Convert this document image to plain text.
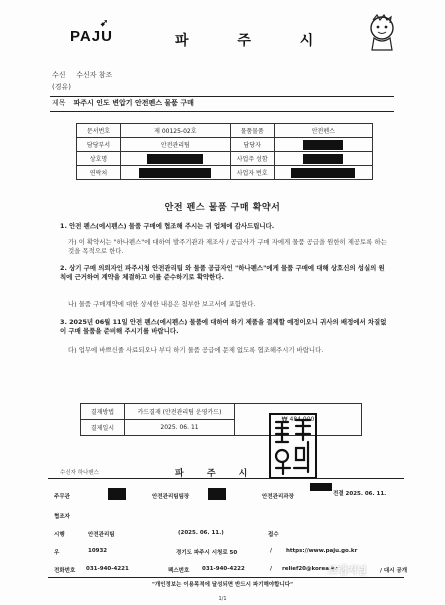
PAJU
➹
파 주 시
수신 수신자 참조
(경유)
제목 파주시 인도 변압기 안전펜스 물품 구매
문서번호	제 00125-02호	물품물품	안전펜스
담당부서	안전관리팀	담당자	
상호명		사업주 성함	
연락처		사업자 번호	
안전 펜스 물품 구매 확약서
1. 안전 펜스(에시펜스) 물품 구매에 협조해 주시는 귀 업체에 감사드립니다.
가) 이 확약서는 "하나펜스"에 대하여 발주기관과 제조사 / 공급사가 구매 자에게 물품 공급을 원한히 제공토록 하는것을 목적으로 한다.
2. 상기 구매 의뢰자인 파주시청 안전관리팀 와 물품 공급자인 "하나펜스"에게 물품 구매에 대해 상호신의 성실의 원칙에 근거하여 계약을 체결하고 이를 준수하기로 확약한다.
나) 물품 구매계약에 대한 상세한 내용은 첨부한 보고서에 포함한다.
3. 2025년 06월 11일 안전 펜스(에시펜스) 물품에 대하여 하기 제품을 결제할 예정이오니 귀사의 배정에서 차질없이 구매 물품을 준비해 주시기를 바랍니다.
다) 업무에 바쁘신줄 사료되오나 부디 하기 물품 공급에 문제 없도록 협조해주시기 바랍니다.
결재방법	카드결재 (안전관리팀 운영카드)	₩ 484,000
결제일시	2025. 06. 11	
파 주 시
수신자 하나펜스
주무관	안전관리팀팀장	안전관리과장	전결 2025. 06. 11.
협조자
시행	안전관리팀	(2025. 06. 11.)	접수
우	10932	경기도 파주시 시청로 50	/	https://www.paju.go.kr
전화번호 031-940-4221	팩스번호 031-940-4222	/ relief20@korea.kr	/ 대시 공개
크랩저널
"개인정보는 이용목적에 달성되면 반드시 파기해야합니다"
1/1
